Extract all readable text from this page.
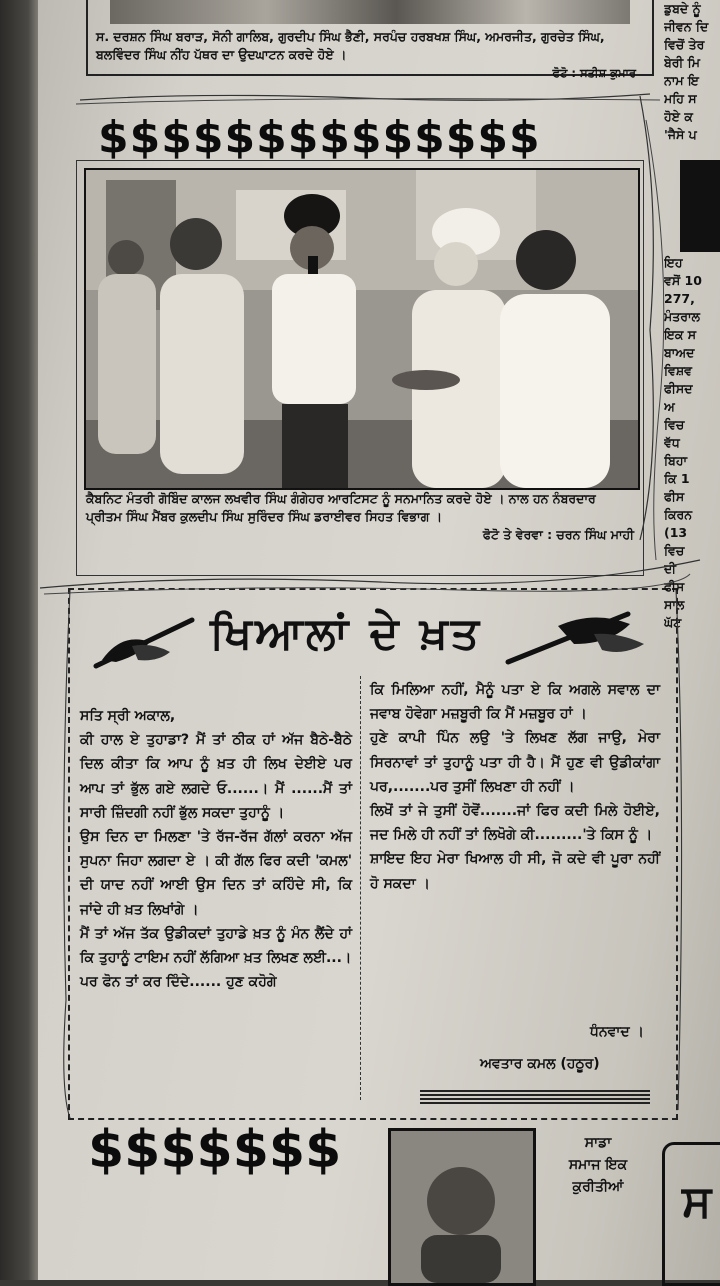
ਸ. ਦਰਸ਼ਨ ਸਿੰਘ ਬਰਾੜ, ਸੋਨੀ ਗਾਲਿਬ, ਗੁਰਦੀਪ ਸਿੰਘ ਭੈਣੀ, ਸਰਪੰਚ ਹਰਬਖਸ਼ ਸਿੰਘ, ਅਮਰਜੀਤ, ਗੁਰਚੇਤ ਸਿੰਘ, ਬਲਵਿੰਦਰ ਸਿੰਘ ਨੀਂਹ ਪੱਥਰ ਦਾ ਉਦਘਾਟਨ ਕਰਦੇ ਹੋਏ ।
ਫੋਟੋ : ਸਤੀਸ਼ ਕੁਮਾਰ
$$$$$$$$$$$$$$
ਕੈਬਨਿਟ ਮੰਤਰੀ ਗੋਬਿੰਦ ਕਾਲਜ ਲਖਵੀਰ ਸਿੰਘ ਗੰਗੇਹਰ ਆਰਟਿਸਟ ਨੂੰ ਸਨਮਾਨਿਤ ਕਰਦੇ ਹੋਏ । ਨਾਲ ਹਨ ਨੰਬਰਦਾਰ ਪ੍ਰੀਤਮ ਸਿੰਘ ਮੈਂਬਰ ਕੁਲਦੀਪ ਸਿੰਘ ਸੁਰਿੰਦਰ ਸਿੰਘ ਡਰਾਈਵਰ ਸਿਹਤ ਵਿਭਾਗ ।
ਫੋਟੋ ਤੇ ਵੇਰਵਾ : ਚਰਨ ਸਿੰਘ ਮਾਹੀ
ਖਿਆਲਾਂ ਦੇ ਖ਼ਤ

ਸਤਿ ਸ੍ਰੀ ਅਕਾਲ,

ਕੀ ਹਾਲ ਏ ਤੁਹਾਡਾ? ਮੈਂ ਤਾਂ ਠੀਕ ਹਾਂ ਅੱਜ ਬੈਠੇ-ਬੈਠੇ ਦਿਲ ਕੀਤਾ ਕਿ ਆਪ ਨੂੰ ਖ਼ਤ ਹੀ ਲਿਖ ਦੇਈਏ ਪਰ ਆਪ ਤਾਂ ਭੁੱਲ ਗਏ ਲਗਦੇ ਓ......। ਮੈਂ ......ਮੈਂ ਤਾਂ ਸਾਰੀ ਜ਼ਿੰਦਗੀ ਨਹੀਂ ਭੁੱਲ ਸਕਦਾ ਤੁਹਾਨੂੰ ।

ਉਸ ਦਿਨ ਦਾ ਮਿਲਣਾ 'ਤੇ ਰੱਜ-ਰੱਜ ਗੱਲਾਂ ਕਰਨਾ ਅੱਜ ਸੁਪਨਾ ਜਿਹਾ ਲਗਦਾ ਏ । ਕੀ ਗੱਲ ਫਿਰ ਕਦੀ 'ਕਮਲ' ਦੀ ਯਾਦ ਨਹੀਂ ਆਈ ਉਸ ਦਿਨ ਤਾਂ ਕਹਿੰਦੇ ਸੀ, ਕਿ ਜਾਂਦੇ ਹੀ ਖ਼ਤ ਲਿਖਾਂਗੇ ।

ਮੈਂ ਤਾਂ ਅੱਜ ਤੱਕ ਉਡੀਕਦਾਂ ਤੁਹਾਡੇ ਖ਼ਤ ਨੂੰ ਮੰਨ ਲੈਂਦੇ ਹਾਂ ਕਿ ਤੁਹਾਨੂੰ ਟਾਇਮ ਨਹੀਂ ਲੱਗਿਆ ਖ਼ਤ ਲਿਖਣ ਲਈ...।

ਪਰ ਫੋਨ ਤਾਂ ਕਰ ਦਿੰਦੇ...... ਹੁਣ ਕਹੋਗੇ

ਕਿ ਮਿਲਿਆ ਨਹੀਂ, ਮੈਨੂੰ ਪਤਾ ਏ ਕਿ ਅਗਲੇ ਸਵਾਲ ਦਾ ਜਵਾਬ ਹੋਵੇਗਾ ਮਜ਼ਬੂਰੀ ਕਿ ਮੈਂ ਮਜ਼ਬੂਰ ਹਾਂ ।

ਹੁਣੇ ਕਾਪੀ ਪਿੰਨ ਲਉ 'ਤੇ ਲਿਖਣ ਲੱਗ ਜਾਉ, ਮੇਰਾ ਸਿਰਨਾਵਾਂ ਤਾਂ ਤੁਹਾਨੂੰ ਪਤਾ ਹੀ ਹੈ। ਮੈਂ ਹੁਣ ਵੀ ਉਡੀਕਾਂਗਾ ਪਰ,.......ਪਰ ਤੁਸੀਂ ਲਿਖਣਾ ਹੀ ਨਹੀਂ ।

ਲਿਖੋਂ ਤਾਂ ਜੇ ਤੁਸੀਂ ਹੋਵੋਂ.......ਜਾਂ ਫਿਰ ਕਦੀ ਮਿਲੇ ਹੋਈਏ, ਜਦ ਮਿਲੇ ਹੀ ਨਹੀਂ ਤਾਂ ਲਿਖੋਗੇ ਕੀ.........'ਤੇ ਕਿਸ ਨੂੰ ।

ਸ਼ਾਇਦ ਇਹ ਮੇਰਾ ਖਿਆਲ ਹੀ ਸੀ, ਜੋ ਕਦੇ ਵੀ ਪੂਰਾ ਨਹੀਂ ਹੋ ਸਕਦਾ ।

ਧੰਨਵਾਦ ।
ਅਵਤਾਰ ਕਮਲ (ਹਠੂਰ)
$$$$$$$	ਸਾਡਾ
ਸਮਾਜ ਇਕ
ਕੁਰੀਤੀਆਂ
ਡੁਬਦੇ ਨੂੰ
ਜੀਵਨ ਦਿ
ਵਿਚੋਂ ਤੇਰ
ਬੇਰੀ ਮਿ
ਨਾਮ ਇ
ਮਹਿ ਸ
ਹੋਏ ਕ
'ਜੈਸੇ ਪ
ਇਹ
ਵਸੋਂ 10
277,
ਮੰਤਰਾਲ
ਇਕ ਸ
ਬਾਅਦ
ਵਿਸ਼ਵ
ਫੀਸਦ
ਅ
ਵਿਚ
ਵੱਧ
ਬਿਹਾ
ਕਿ 1
ਫੀਸ
ਕਿਰਨ
(13
ਵਿਚ
ਦੀ
ਫੀਸ
ਸਾਲ
ਘੱਟ
ਸ
